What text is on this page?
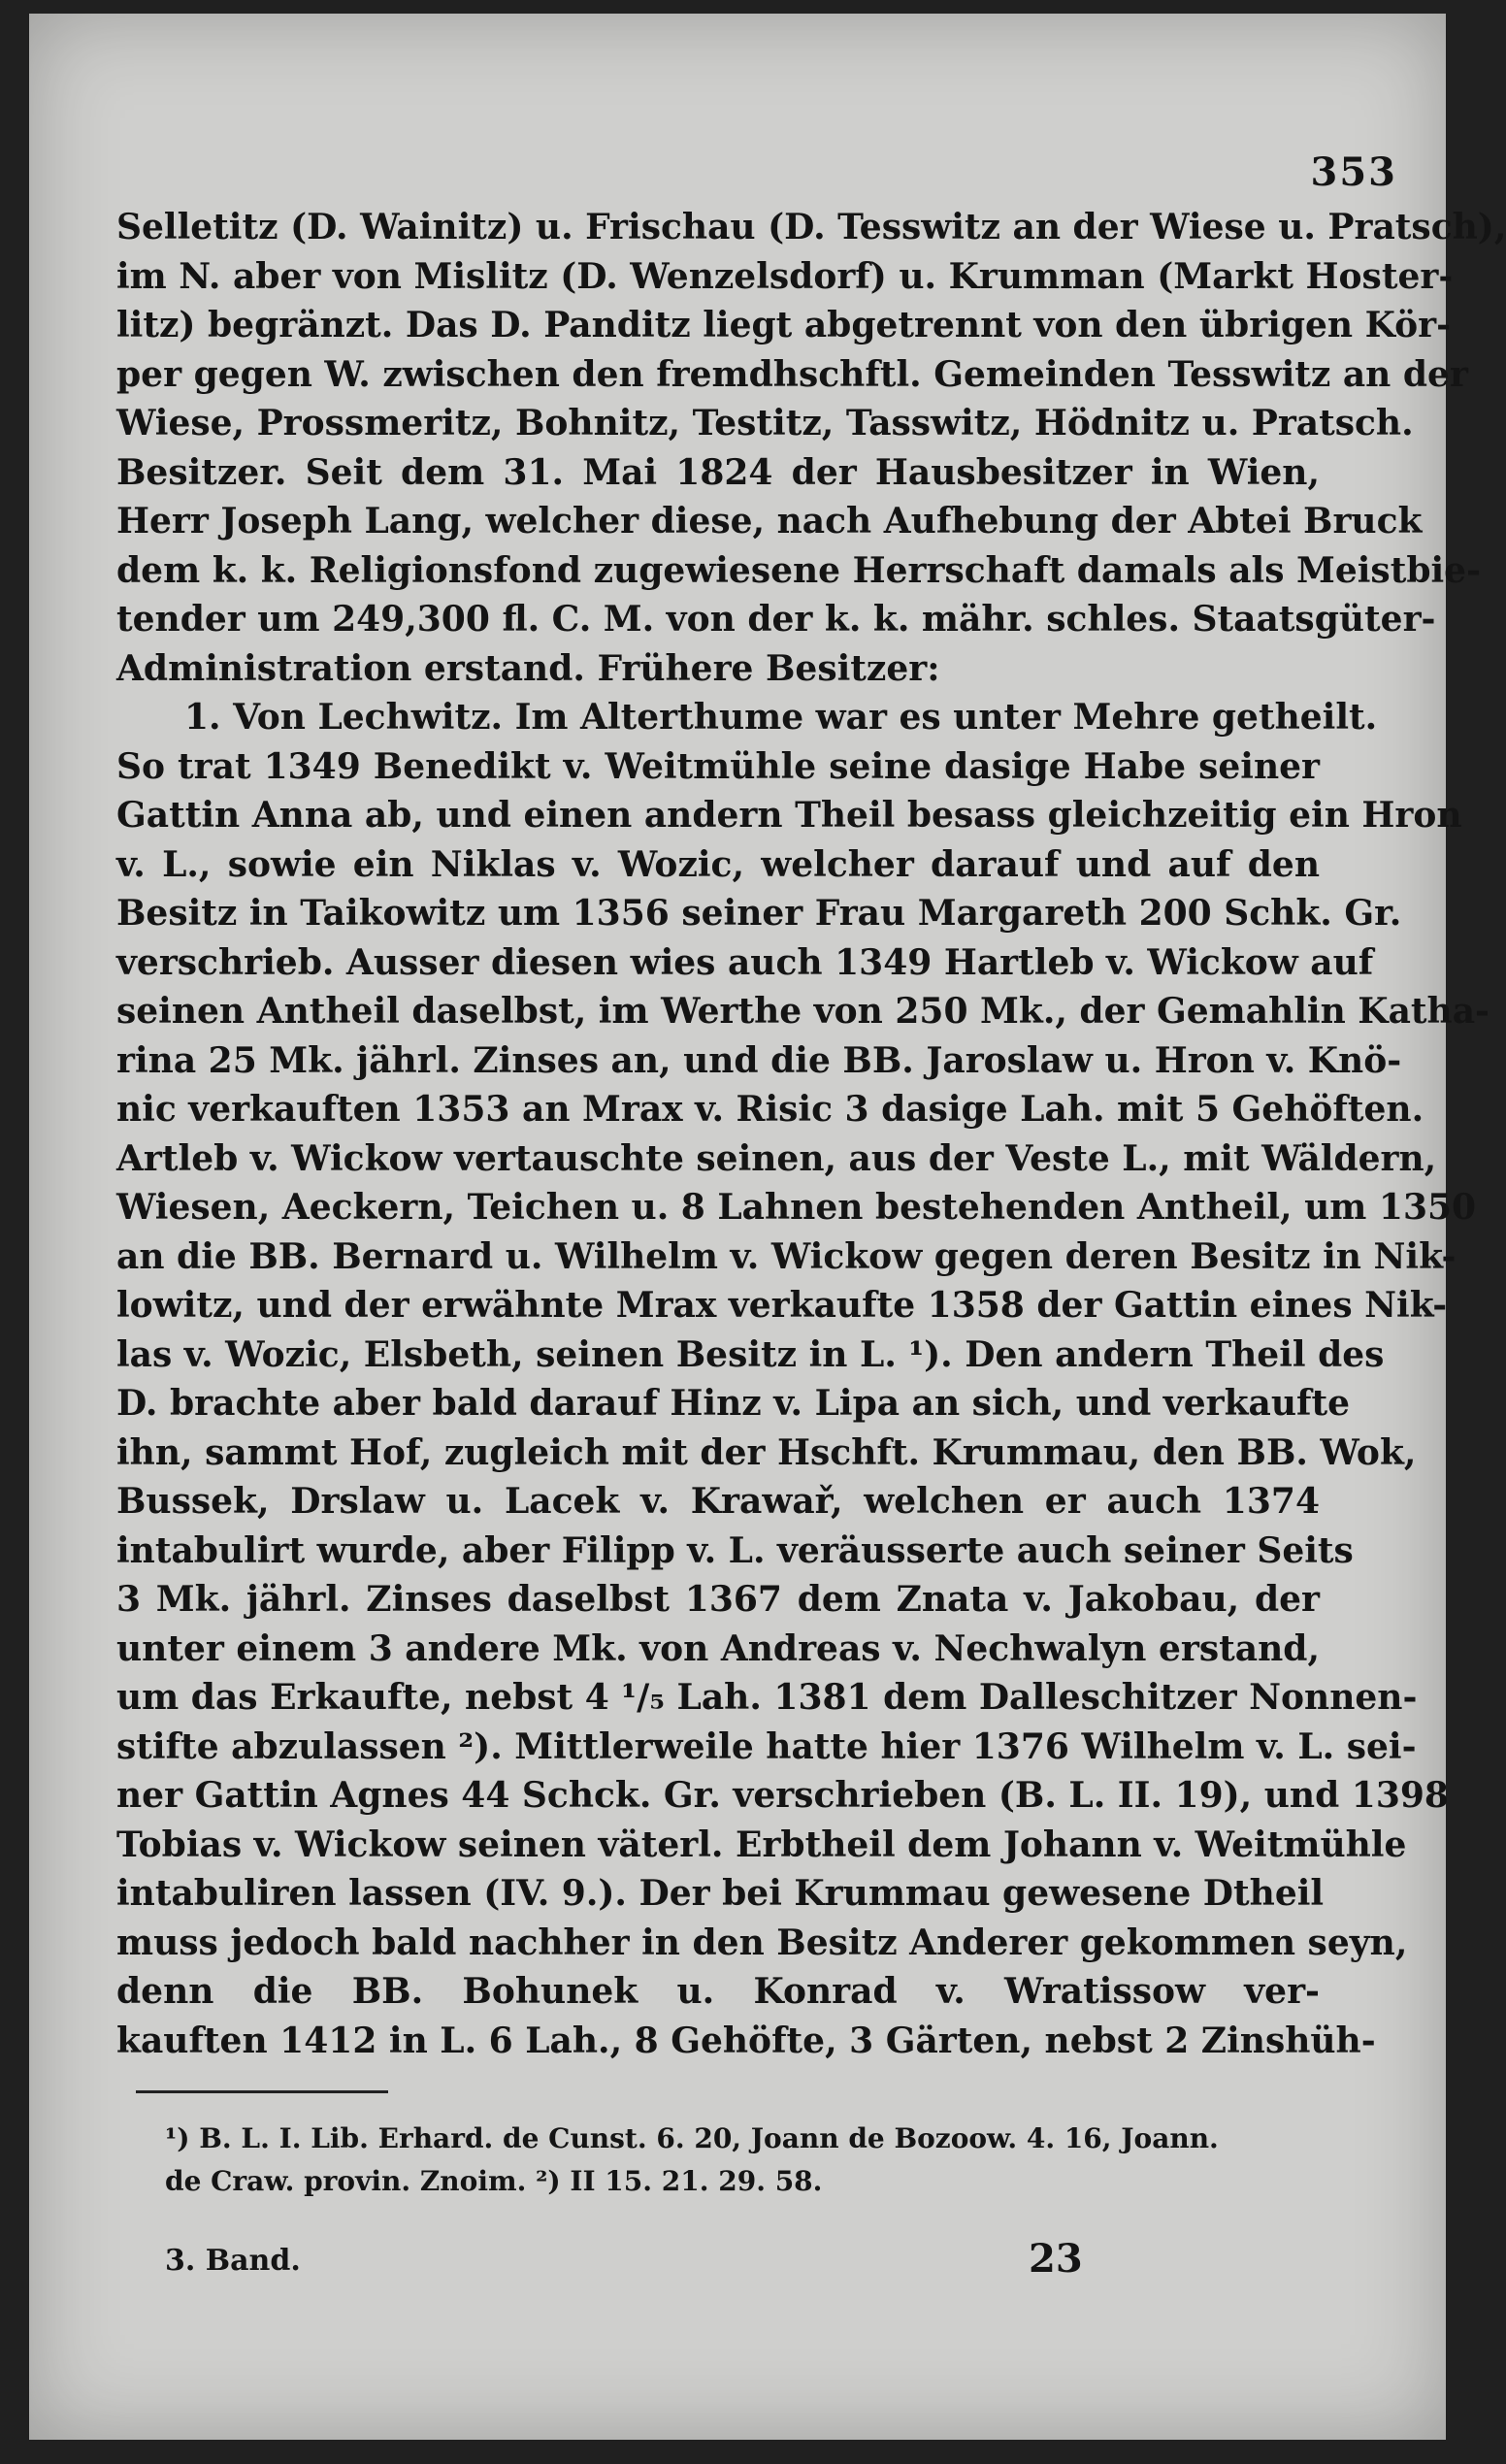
353
Selletitz (D. Wainitz) u. Frischau (D. Tesswitz an der Wiese u. Pratsch),
im N. aber von Mislitz (D. Wenzelsdorf) u. Krumman (Markt Hoster-
litz) begränzt. Das D. Panditz liegt abgetrennt von den übrigen Kör-
per gegen W. zwischen den fremdhschftl. Gemeinden Tesswitz an der
Wiese, Prossmeritz, Bohnitz, Testitz, Tasswitz, Hödnitz u. Pratsch.
Besitzer. Seit dem 31. Mai 1824 der Hausbesitzer in Wien,
Herr Joseph Lang, welcher diese, nach Aufhebung der Abtei Bruck
dem k. k. Religionsfond zugewiesene Herrschaft damals als Meistbie-
tender um 249,300 fl. C. M. von der k. k. mähr. schles. Staatsgüter-
Administration erstand. Frühere Besitzer:
1. Von Lechwitz. Im Alterthume war es unter Mehre getheilt.
So trat 1349 Benedikt v. Weitmühle seine dasige Habe seiner
Gattin Anna ab, und einen andern Theil besass gleichzeitig ein Hron
v. L., sowie ein Niklas v. Wozic, welcher darauf und auf den
Besitz in Taikowitz um 1356 seiner Frau Margareth 200 Schk. Gr.
verschrieb. Ausser diesen wies auch 1349 Hartleb v. Wickow auf
seinen Antheil daselbst, im Werthe von 250 Mk., der Gemahlin Katha-
rina 25 Mk. jährl. Zinses an, und die BB. Jaroslaw u. Hron v. Knö-
nic verkauften 1353 an Mrax v. Risic 3 dasige Lah. mit 5 Gehöften.
Artleb v. Wickow vertauschte seinen, aus der Veste L., mit Wäldern,
Wiesen, Aeckern, Teichen u. 8 Lahnen bestehenden Antheil, um 1350
an die BB. Bernard u. Wilhelm v. Wickow gegen deren Besitz in Nik-
lowitz, und der erwähnte Mrax verkaufte 1358 der Gattin eines Nik-
las v. Wozic, Elsbeth, seinen Besitz in L. ¹). Den andern Theil des
D. brachte aber bald darauf Hinz v. Lipa an sich, und verkaufte
ihn, sammt Hof, zugleich mit der Hschft. Krummau, den BB. Wok,
Bussek, Drslaw u. Lacek v. Krawař, welchen er auch 1374
intabulirt wurde, aber Filipp v. L. veräusserte auch seiner Seits
3 Mk. jährl. Zinses daselbst 1367 dem Znata v. Jakobau, der
unter einem 3 andere Mk. von Andreas v. Nechwalyn erstand,
um das Erkaufte, nebst 4 ¹/₅ Lah. 1381 dem Dalleschitzer Nonnen-
stifte abzulassen ²). Mittlerweile hatte hier 1376 Wilhelm v. L. sei-
ner Gattin Agnes 44 Schck. Gr. verschrieben (B. L. II. 19), und 1398
Tobias v. Wickow seinen väterl. Erbtheil dem Johann v. Weitmühle
intabuliren lassen (IV. 9.). Der bei Krummau gewesene Dtheil
muss jedoch bald nachher in den Besitz Anderer gekommen seyn,
denn die BB. Bohunek u. Konrad v. Wratissow ver-
kauften 1412 in L. 6 Lah., 8 Gehöfte, 3 Gärten, nebst 2 Zinshüh-
¹) B. L. I. Lib. Erhard. de Cunst. 6. 20, Joann de Bozoow. 4. 16, Joann.
de Craw. provin. Znoim. ²) II 15. 21. 29. 58.
3. Band.	23
